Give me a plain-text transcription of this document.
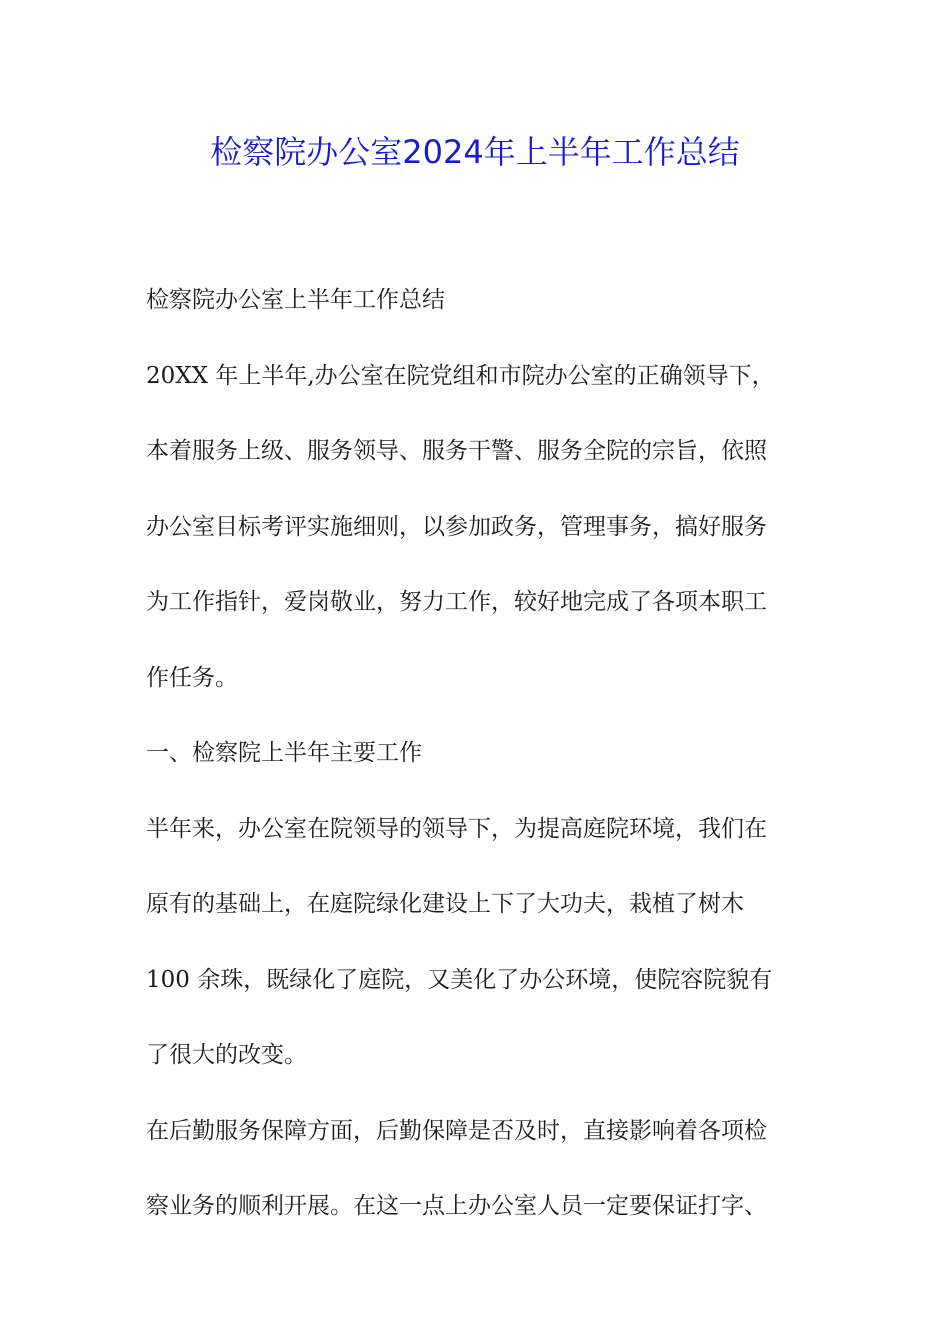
检察院办公室2024年上半年工作总结
检察院办公室上半年工作总结
20XX 年上半年,办公室在院党组和市院办公室的正确领导下，
本着服务上级、服务领导、服务干警、服务全院的宗旨，依照
办公室目标考评实施细则，以参加政务，管理事务，搞好服务
为工作指针，爱岗敬业，努力工作，较好地完成了各项本职工
作任务。
一、检察院上半年主要工作
半年来，办公室在院领导的领导下，为提高庭院环境，我们在
原有的基础上，在庭院绿化建设上下了大功夫，栽植了树木
100 余珠，既绿化了庭院，又美化了办公环境，使院容院貌有
了很大的改变。
在后勤服务保障方面，后勤保障是否及时，直接影响着各项检
察业务的顺利开展。在这一点上办公室人员一定要保证打字、
